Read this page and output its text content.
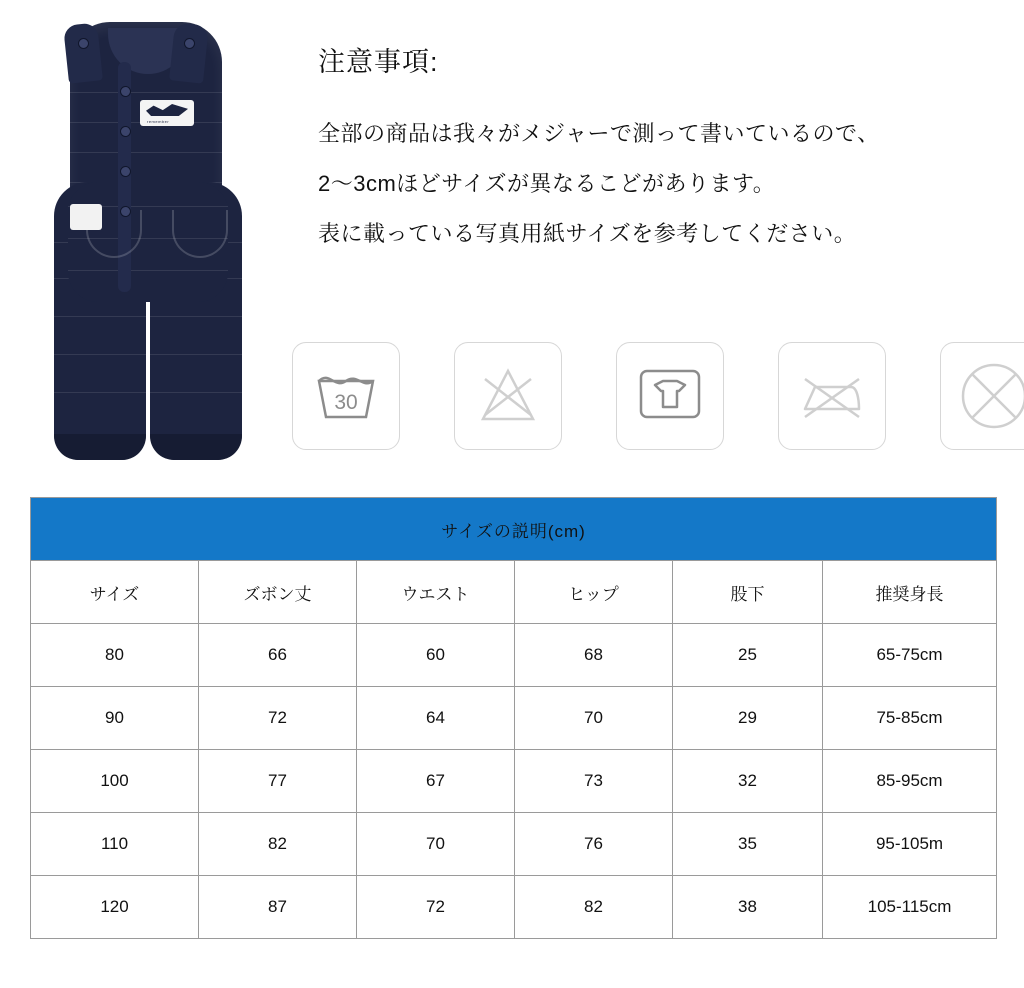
remember
注意事項:
全部の商品は我々がメジャーで測って書いているので、
2～3cmほどサイズが異なるこどがあります。
表に載っている写真用紙サイズを参考してください。
30
サイズの説明(cm)					
サイズ	ズボン丈	ウエスト	ヒップ	股下	推奨身長
80	66	60	68	25	65-75cm
90	72	64	70	29	75-85cm
100	77	67	73	32	85-95cm
110	82	70	76	35	95-105m
120	87	72	82	38	105-115cm
